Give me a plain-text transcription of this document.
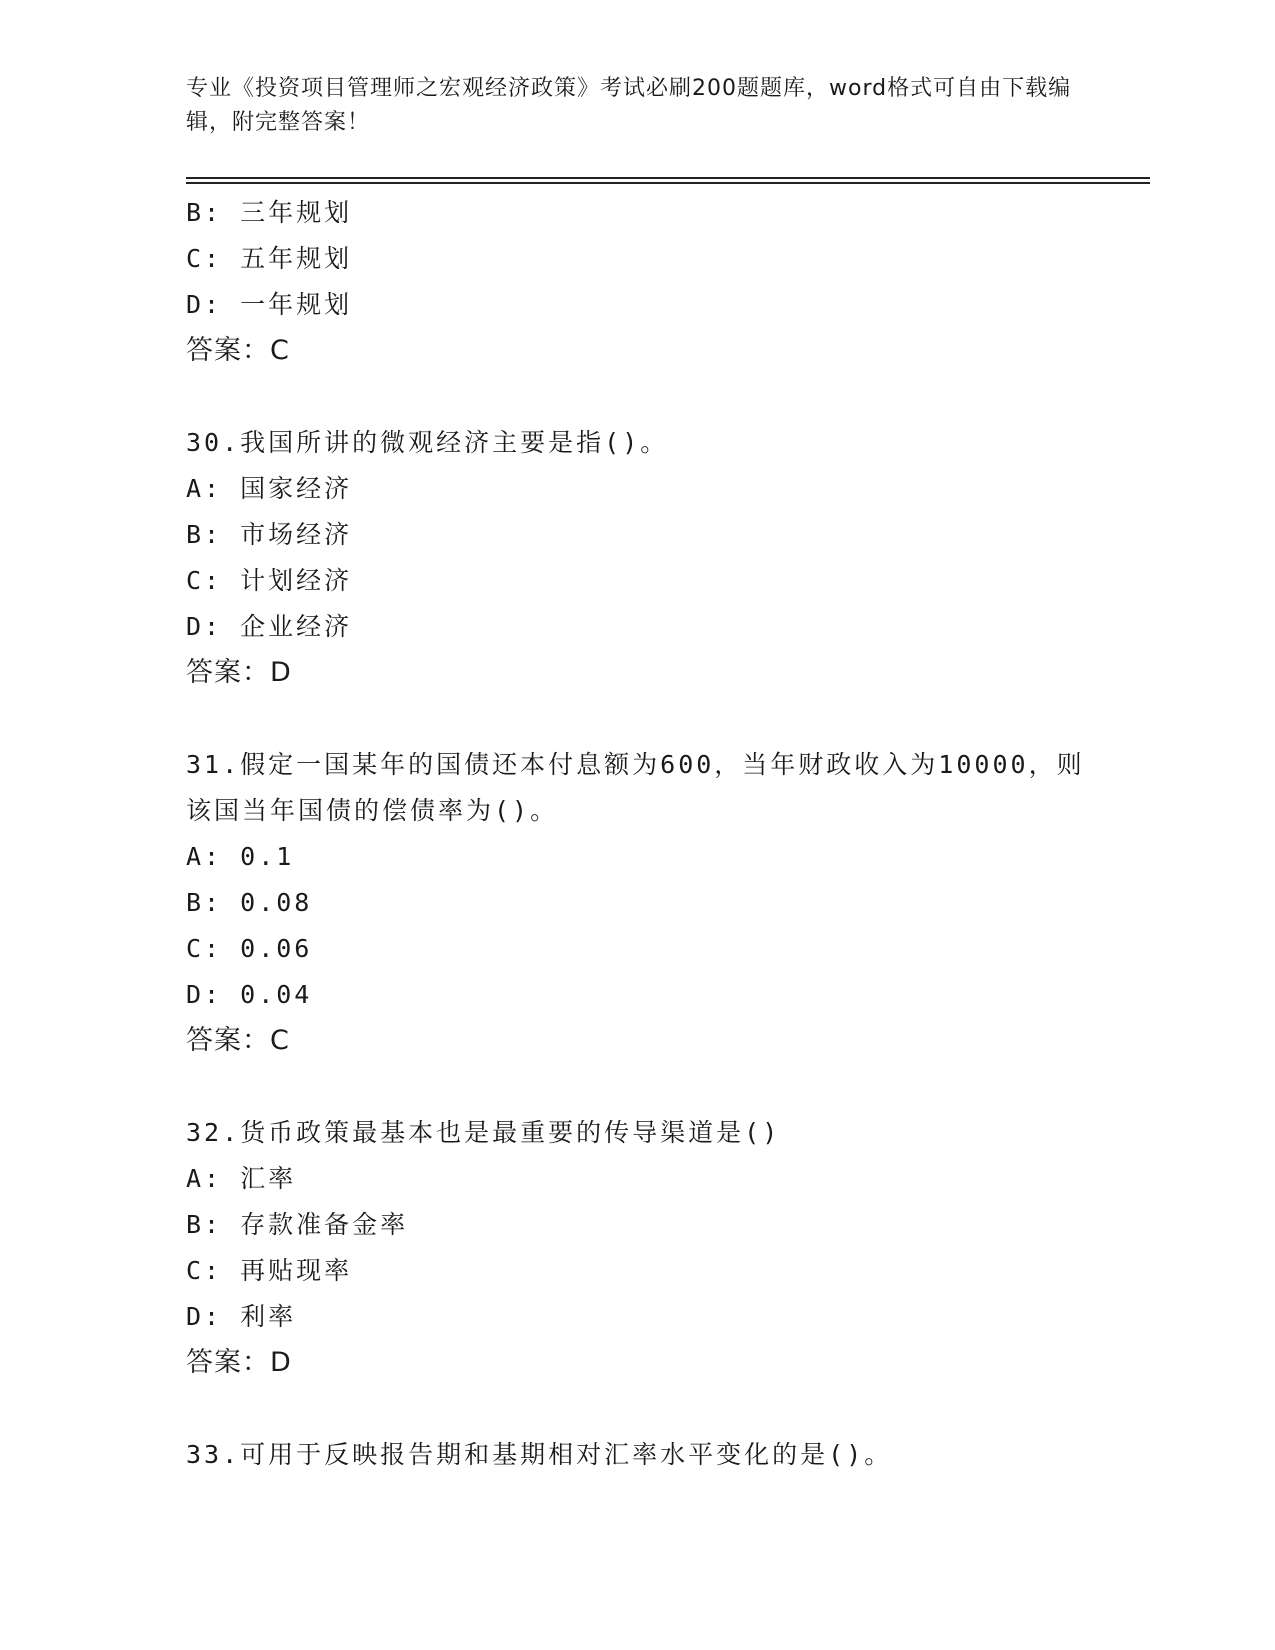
专业《投资项目管理师之宏观经济政策》考试必刷200题题库，word格式可自由下载编辑，附完整答案！
B: 三年规划
C: 五年规划
D: 一年规划
答案：C
30.我国所讲的微观经济主要是指()。
A: 国家经济
B: 市场经济
C: 计划经济
D: 企业经济
答案：D
31.假定一国某年的国债还本付息额为600，当年财政收入为10000，则该国当年国债的偿债率为()。
A: 0.1
B: 0.08
C: 0.06
D: 0.04
答案：C
32.货币政策最基本也是最重要的传导渠道是()
A: 汇率
B: 存款准备金率
C: 再贴现率
D: 利率
答案：D
33.可用于反映报告期和基期相对汇率水平变化的是()。
